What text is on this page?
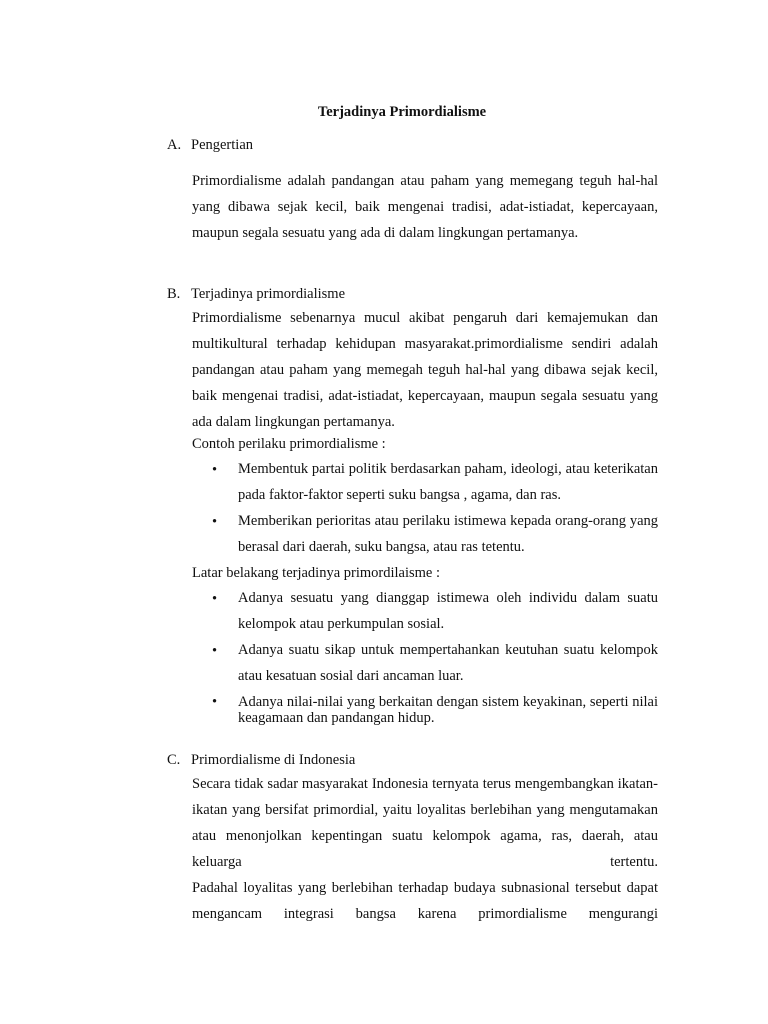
Terjadinya Primordialisme
A. Pengertian

Primordialisme adalah pandangan atau paham yang memegang teguh hal-hal yang dibawa sejak kecil, baik mengenai tradisi, adat-istiadat, kepercayaan, maupun segala sesuatu yang ada di dalam lingkungan pertamanya.

B. Terjadinya primordialisme

Primordialisme sebenarnya mucul akibat pengaruh dari kemajemukan dan multikultural terhadap kehidupan masyarakat.primordialisme sendiri adalah pandangan atau paham yang memegah teguh hal-hal yang dibawa sejak kecil, baik mengenai tradisi, adat-istiadat, kepercayaan, maupun segala sesuatu yang ada dalam lingkungan pertamanya.

Contoh perilaku primordialisme :
• Membentuk partai politik berdasarkan paham, ideologi, atau keterikatan pada faktor-faktor seperti suku bangsa , agama, dan ras.

• Memberikan perioritas atau perilaku istimewa kepada orang-orang yang berasal dari daerah, suku bangsa, atau ras tetentu.

Latar belakang terjadinya primordilaisme :
• Adanya sesuatu yang dianggap istimewa oleh individu dalam suatu kelompok atau perkumpulan sosial.

• Adanya suatu sikap untuk mempertahankan keutuhan suatu kelompok atau kesatuan sosial dari ancaman luar.

• Adanya nilai-nilai yang berkaitan dengan sistem keyakinan, seperti nilai keagamaan dan pandangan hidup.

C. Primordialisme di Indonesia

Secara tidak sadar masyarakat Indonesia ternyata terus mengembangkan ikatan-ikatan yang bersifat primordial, yaitu loyalitas berlebihan yang mengutamakan atau menonjolkan kepentingan suatu kelompok agama, ras, daerah, atau keluarga tertentu.

Padahal loyalitas yang berlebihan terhadap budaya subnasional tersebut dapat mengancam integrasi bangsa karena primordialisme mengurangi
